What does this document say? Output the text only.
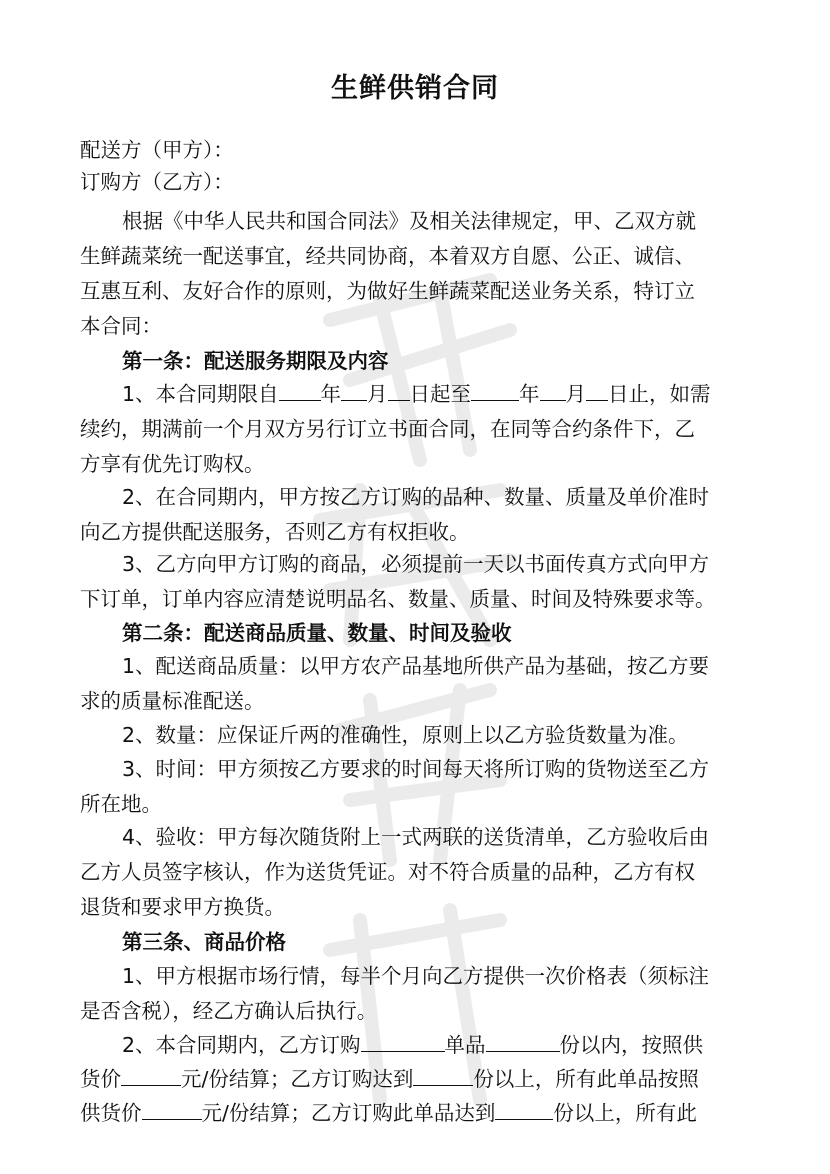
生鲜供销合同
配送方（甲方）：
订购方（乙方）：
根据《中华人民共和国合同法》及相关法律规定，甲、乙双方就
生鲜蔬菜统一配送事宜，经共同协商，本着双方自愿、公正、诚信、
互惠互利、友好合作的原则，为做好生鲜蔬菜配送业务关系，特订立
本合同：
第一条：配送服务期限及内容
1、本合同期限自 年 月 日起至 年 月 日止，如需
续约，期满前一个月双方另行订立书面合同，在同等合约条件下，乙
方享有优先订购权。
2、在合同期内，甲方按乙方订购的品种、数量、质量及单价准时
向乙方提供配送服务，否则乙方有权拒收。
3、乙方向甲方订购的商品，必须提前一天以书面传真方式向甲方
下订单，订单内容应清楚说明品名、数量、质量、时间及特殊要求等。
第二条：配送商品质量、数量、时间及验收
1、配送商品质量：以甲方农产品基地所供产品为基础，按乙方要
求的质量标准配送。
2、数量：应保证斤两的准确性，原则上以乙方验货数量为准。
3、时间：甲方须按乙方要求的时间每天将所订购的货物送至乙方
所在地。
4、验收：甲方每次随货附上一式两联的送货清单，乙方验收后由
乙方人员签字核认，作为送货凭证。对不符合质量的品种，乙方有权
退货和要求甲方换货。
第三条、商品价格
1、甲方根据市场行情，每半个月向乙方提供一次价格表（须标注
是否含税），经乙方确认后执行。
2、本合同期内，乙方订购	单品	份以内，按照供
货价	元/份结算；乙方订购达到	份以上，所有此单品按照
供货价	元/份结算；乙方订购此单品达到	份以上，所有此
